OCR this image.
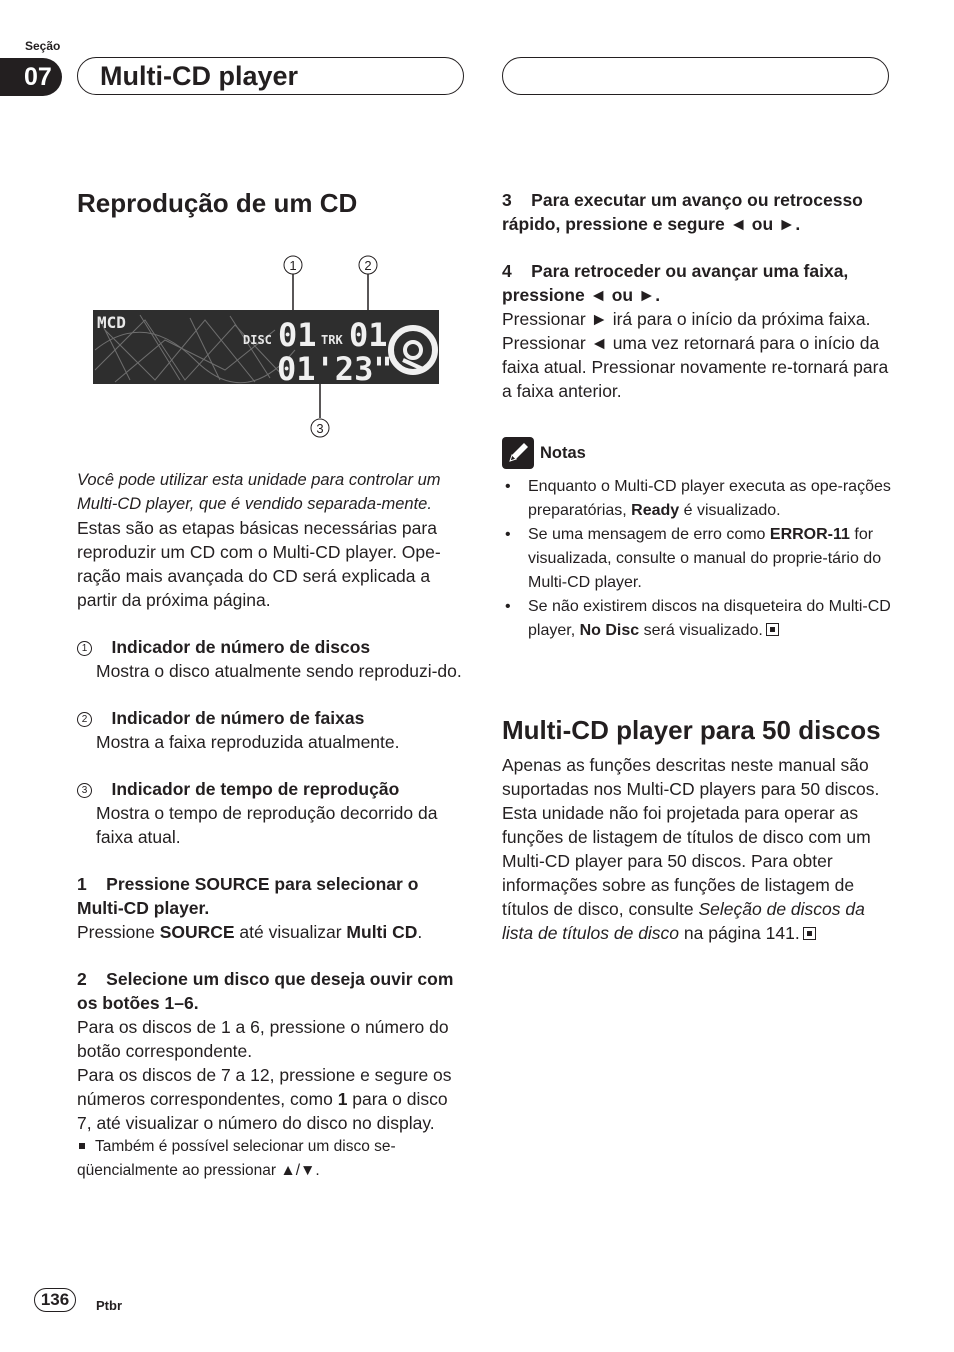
Seção
07	Multi-CD player
Reprodução de um CD
1	2
MCD
DISC 01 TRK 01
01'23"
3

Você pode utilizar esta unidade para controlar um Multi-CD player, que é vendido separada-mente.

Estas são as etapas básicas necessárias para reproduzir um CD com o Multi-CD player. Ope-ração mais avançada do CD será explicada a partir da próxima página.

1 Indicador de número de discos
Mostra o disco atualmente sendo reproduzi-do.
2 Indicador de número de faixas
Mostra a faixa reproduzida atualmente.
3 Indicador de tempo de reprodução
Mostra o tempo de reprodução decorrido da faixa atual.
1    Pressione SOURCE para selecionar o Multi-CD player.
Pressione SOURCE até visualizar Multi CD.
2    Selecione um disco que deseja ouvir com os botões 1–6.

Para os discos de 1 a 6, pressione o número do botão correspondente.

Para os discos de 7 a 12, pressione e segure os números correspondentes, como 1 para o disco 7, até visualizar o número do disco no display.

Também é possível selecionar um disco se-qüencialmente ao pressionar ▲/▼.

3    Para executar um avanço ou retrocesso rápido, pressione e segure ◄ ou ►.
4    Para retroceder ou avançar uma faixa, pressione ◄ ou ►.

Pressionar ► irá para o início da próxima faixa. Pressionar ◄ uma vez retornará para o início da faixa atual. Pressionar novamente re-tornará para a faixa anterior.

Notas
• Enquanto o Multi-CD player executa as ope-rações preparatórias, Ready é visualizado.
• Se uma mensagem de erro como ERROR-11 for visualizada, consulte o manual do proprie-tário do Multi-CD player.
• Se não existirem discos na disqueteira do Multi-CD player, No Disc será visualizado.
Multi-CD player para 50 discos

Apenas as funções descritas neste manual são suportadas nos Multi-CD players para 50 discos.

Esta unidade não foi projetada para operar as funções de listagem de títulos de disco com um Multi-CD player para 50 discos. Para obter informações sobre as funções de listagem de títulos de disco, consulte Seleção de discos da lista de títulos de disco na página 141.

136	Ptbr
